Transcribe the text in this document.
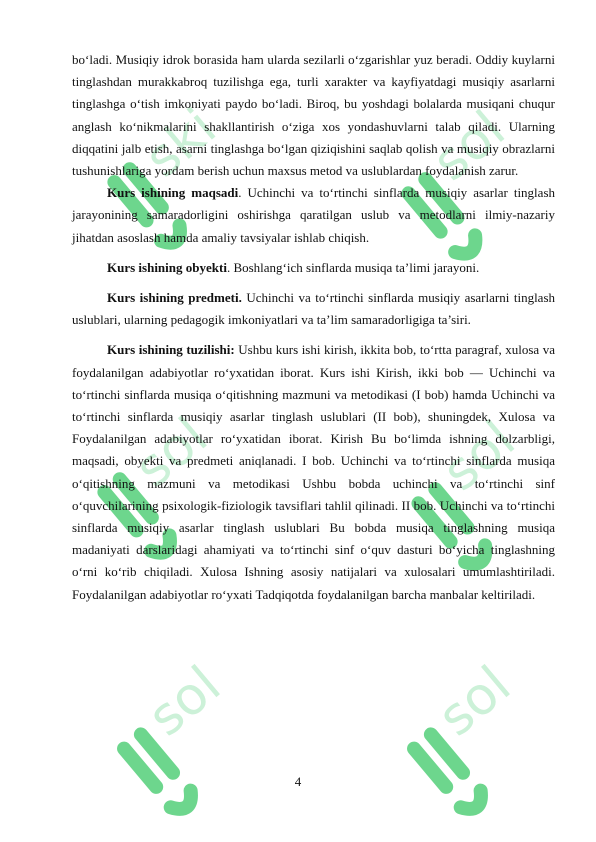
ski	sol
sol	sol
sol	sol

bo‘ladi. Musiqiy idrok borasida ham ularda sezilarli o‘zgarishlar yuz beradi. Oddiy kuylarni tinglashdan murakkabroq tuzilishga ega, turli xarakter va kayfiyatdagi musiqiy asarlarni tinglashga o‘tish imkoniyati paydo bo‘ladi. Biroq, bu yoshdagi bolalarda musiqani chuqur anglash ko‘nikmalarini shakllantirish o‘ziga xos yondashuvlarni talab qiladi. Ularning diqqatini jalb etish, asarni tinglashga bo‘lgan qiziqishini saqlab qolish va musiqiy obrazlarni tushunishlariga yordam berish uchun maxsus metod va uslublardan foydalanish zarur.

Kurs ishining maqsadi. Uchinchi va to‘rtinchi sinflarda musiqiy asarlar tinglash jarayonining samaradorligini oshirishga qaratilgan uslub va metodlarni ilmiy-nazariy jihatdan asoslash hamda amaliy tavsiyalar ishlab chiqish.

Kurs ishining obyekti. Boshlang‘ich sinflarda musiqa ta’limi jarayoni.

Kurs ishining predmeti. Uchinchi va to‘rtinchi sinflarda musiqiy asarlarni tinglash uslublari, ularning pedagogik imkoniyatlari va ta’lim samaradorligiga ta’siri.

Kurs ishining tuzilishi: Ushbu kurs ishi kirish, ikkita bob, to‘rtta paragraf, xulosa va foydalanilgan adabiyotlar ro‘yxatidan iborat. Kurs ishi Kirish, ikki bob — Uchinchi va to‘rtinchi sinflarda musiqa o‘qitishning mazmuni va metodikasi (I bob) hamda Uchinchi va to‘rtinchi sinflarda musiqiy asarlar tinglash uslublari (II bob), shuningdek, Xulosa va Foydalanilgan adabiyotlar ro‘yxatidan iborat. Kirish Bu bo‘limda ishning dolzarbligi, maqsadi, obyekti va predmeti aniqlanadi. I bob. Uchinchi va to‘rtinchi sinflarda musiqa o‘qitishning mazmuni va metodikasi Ushbu bobda uchinchi va to‘rtinchi sinf o‘quvchilarining psixologik-fiziologik tavsiflari tahlil qilinadi. II bob. Uchinchi va to‘rtinchi sinflarda musiqiy asarlar tinglash uslublari Bu bobda musiqa tinglashning musiqa madaniyati darslaridagi ahamiyati va to‘rtinchi sinf o‘quv dasturi bo‘yicha tinglashning o‘rni ko‘rib chiqiladi. Xulosa Ishning asosiy natijalari va xulosalari umumlashtiriladi. Foydalanilgan adabiyotlar ro‘yxati Tadqiqotda foydalanilgan barcha manbalar keltiriladi.

4
